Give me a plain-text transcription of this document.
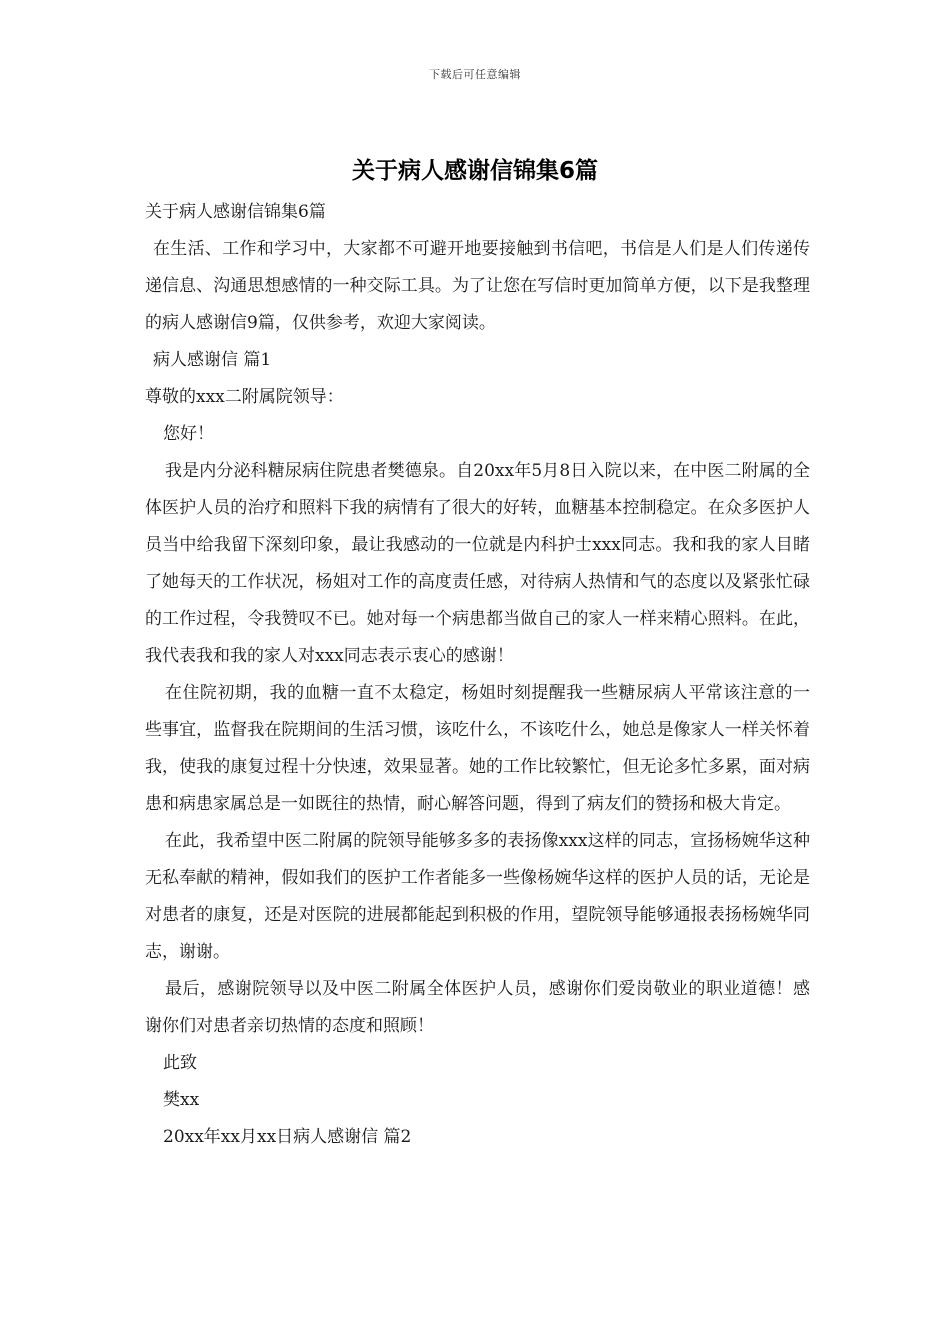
下载后可任意编辑
关于病人感谢信锦集6篇

关于病人感谢信锦集6篇

在生活、工作和学习中，大家都不可避开地要接触到书信吧，书信是人们是人们传递传递信息、沟通思想感情的一种交际工具。为了让您在写信时更加简单方便，以下是我整理的病人感谢信9篇，仅供参考，欢迎大家阅读。

病人感谢信 篇1

尊敬的xxx二附属院领导：

您好！

我是内分泌科糖尿病住院患者樊德泉。自20xx年5月8日入院以来，在中医二附属的全体医护人员的治疗和照料下我的病情有了很大的好转，血糖基本控制稳定。在众多医护人员当中给我留下深刻印象，最让我感动的一位就是内科护士xxx同志。我和我的家人目睹了她每天的工作状况，杨姐对工作的高度责任感，对待病人热情和气的态度以及紧张忙碌的工作过程，令我赞叹不已。她对每一个病患都当做自己的家人一样来精心照料。在此，我代表我和我的家人对xxx同志表示衷心的感谢！

在住院初期，我的血糖一直不太稳定，杨姐时刻提醒我一些糖尿病人平常该注意的一些事宜，监督我在院期间的生活习惯，该吃什么，不该吃什么，她总是像家人一样关怀着我，使我的康复过程十分快速，效果显著。她的工作比较繁忙，但无论多忙多累，面对病患和病患家属总是一如既往的热情，耐心解答问题，得到了病友们的赞扬和极大肯定。

在此，我希望中医二附属的院领导能够多多的表扬像xxx这样的同志，宣扬杨婉华这种无私奉献的精神，假如我们的医护工作者能多一些像杨婉华这样的医护人员的话，无论是对患者的康复，还是对医院的进展都能起到积极的作用，望院领导能够通报表扬杨婉华同志，谢谢。

最后，感谢院领导以及中医二附属全体医护人员，感谢你们爱岗敬业的职业道德！感谢你们对患者亲切热情的态度和照顾！

此致

樊xx

20xx年xx月xx日病人感谢信 篇2
